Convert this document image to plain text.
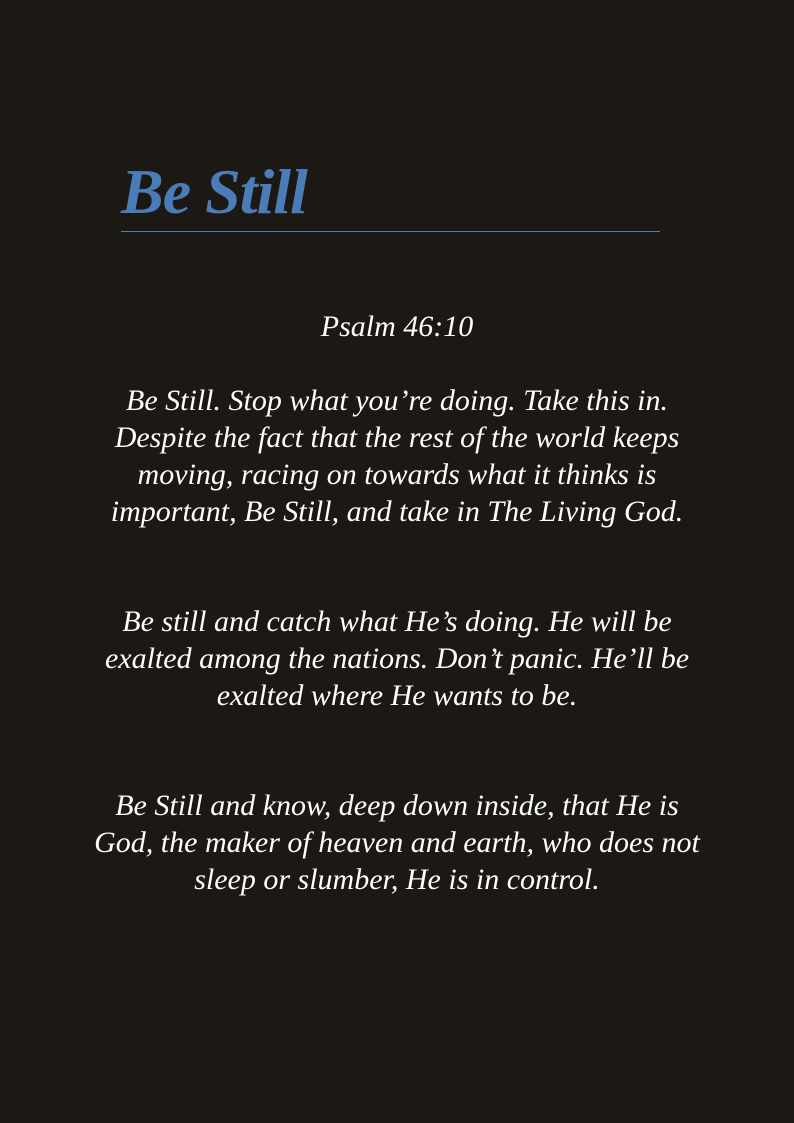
Be Still

Psalm 46:10

Be Still. Stop what you’re doing. Take this in.
Despite the fact that the rest of the world keeps
moving, racing on towards what it thinks is
important, Be Still, and take in The Living God.

Be still and catch what He’s doing. He will be
exalted among the nations. Don’t panic. He’ll be
exalted where He wants to be.

Be Still and know, deep down inside, that He is
God, the maker of heaven and earth, who does not
sleep or slumber, He is in control.
